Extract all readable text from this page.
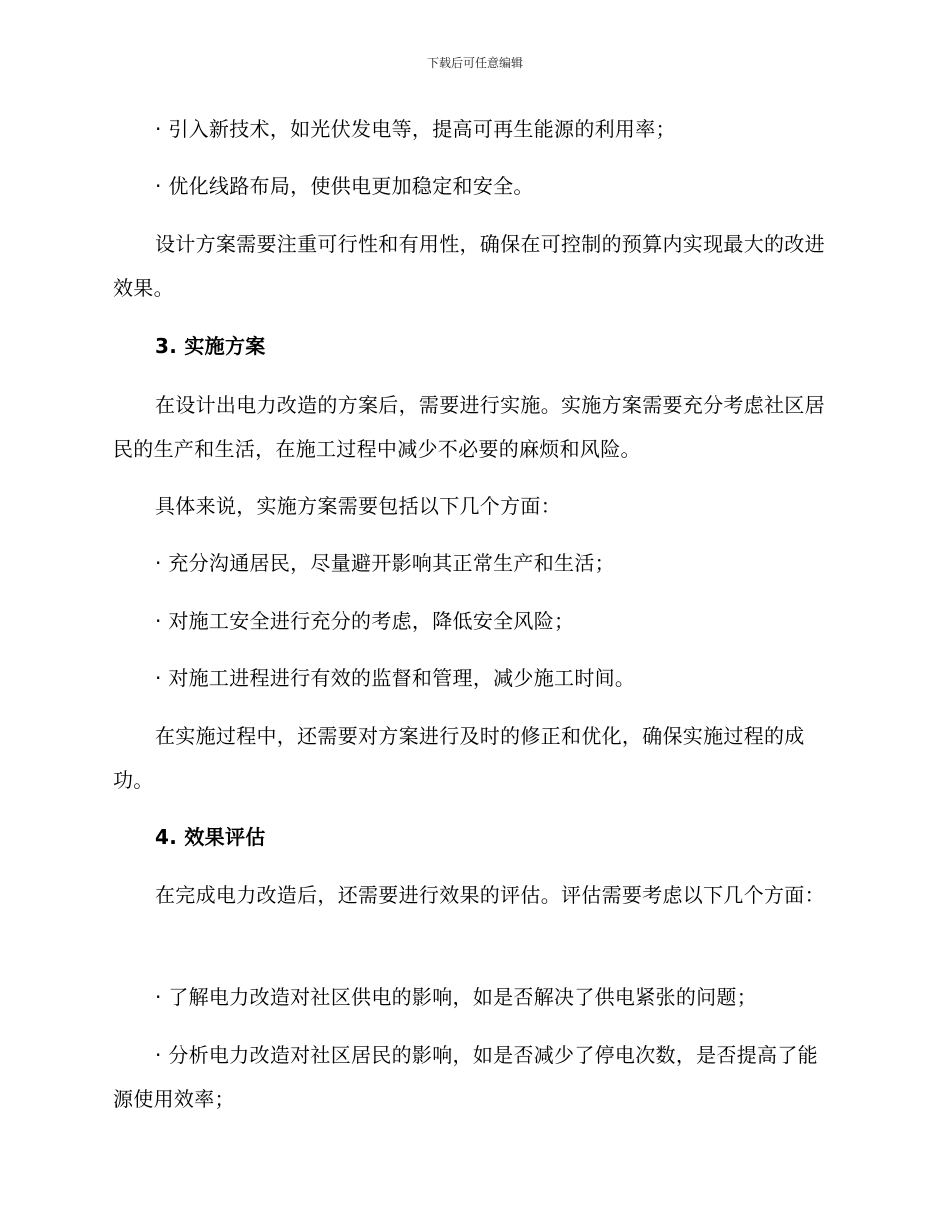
下载后可任意编辑
· 引入新技术，如光伏发电等，提高可再生能源的利用率；
· 优化线路布局，使供电更加稳定和安全。
设计方案需要注重可行性和有用性，确保在可控制的预算内实现最大的改进效果。
3. 实施方案
在设计出电力改造的方案后，需要进行实施。实施方案需要充分考虑社区居民的生产和生活，在施工过程中减少不必要的麻烦和风险。
具体来说，实施方案需要包括以下几个方面：
· 充分沟通居民，尽量避开影响其正常生产和生活；
· 对施工安全进行充分的考虑，降低安全风险；
· 对施工进程进行有效的监督和管理，减少施工时间。
在实施过程中，还需要对方案进行及时的修正和优化，确保实施过程的成功。
4. 效果评估
在完成电力改造后，还需要进行效果的评估。评估需要考虑以下几个方面：
· 了解电力改造对社区供电的影响，如是否解决了供电紧张的问题；
· 分析电力改造对社区居民的影响，如是否减少了停电次数，是否提高了能源使用效率；
